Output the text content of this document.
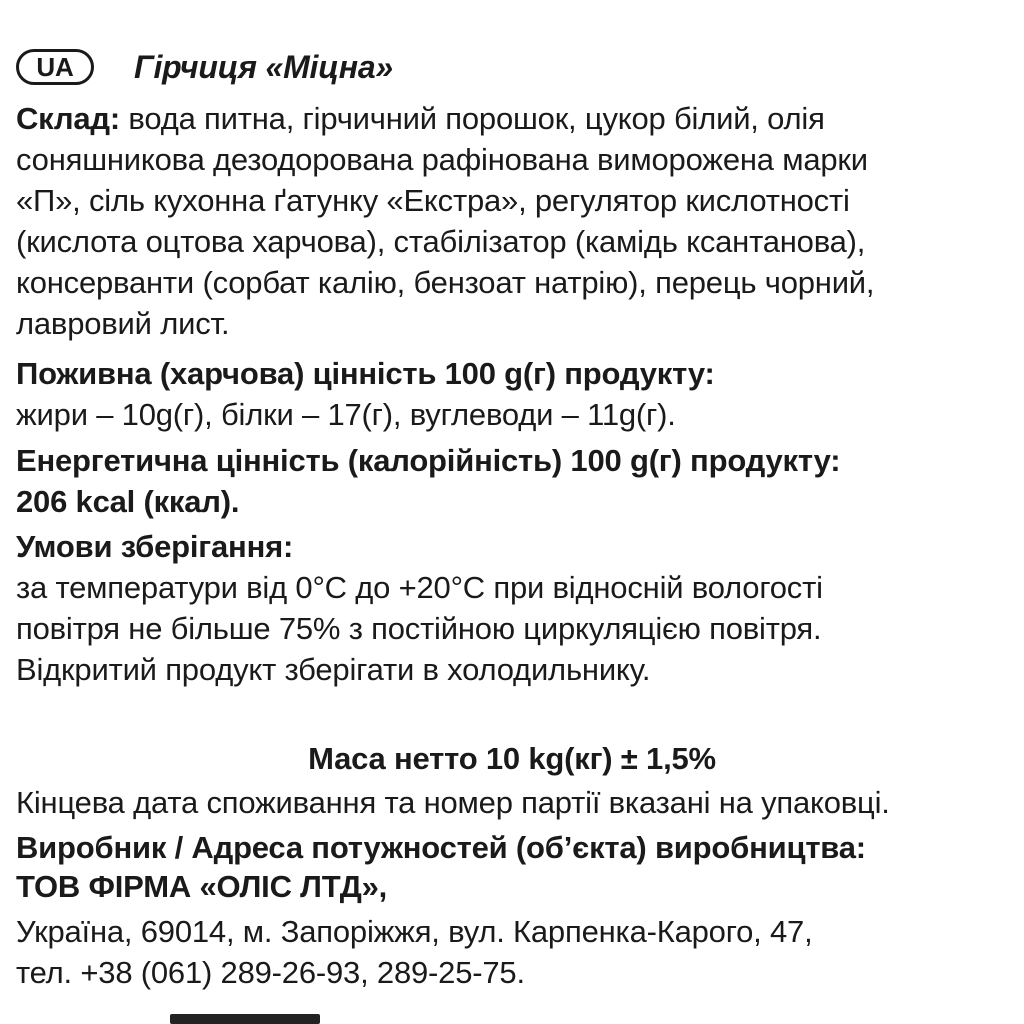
UA	Гірчиця «Міцна»
Склад: вода питна, гірчичний порошок, цукор білий, олія
соняшникова дезодорована рафінована виморожена марки
«П», сіль кухонна ґатунку «Екстра», регулятор кислотності
(кислота оцтова харчова), стабілізатор (камідь ксантанова),
консерванти (сорбат калію, бензоат натрію), перець чорний,
лавровий лист.
Поживна (харчова) цінність 100 g(г) продукту:
жири – 10g(г), білки – 17(г), вуглеводи – 11g(г).
Енергетична цінність (калорійність) 100 g(г) продукту:
206 kcal (ккал).
Умови зберігання:
за температури від 0°С до +20°С при відносній вологості
повітря не більше 75% з постійною циркуляцією повітря.
Відкритий продукт зберігати в холодильнику.
Маса нетто 10 kg(кг) ± 1,5%
Кінцева дата споживання та номер партії вказані на упаковці.
Виробник / Адреса потужностей (об’єкта) виробництва:
ТОВ ФІРМА «ОЛІС ЛТД»,
Україна, 69014, м. Запоріжжя, вул. Карпенка-Карого, 47,
тел. +38 (061) 289-26-93, 289-25-75.
